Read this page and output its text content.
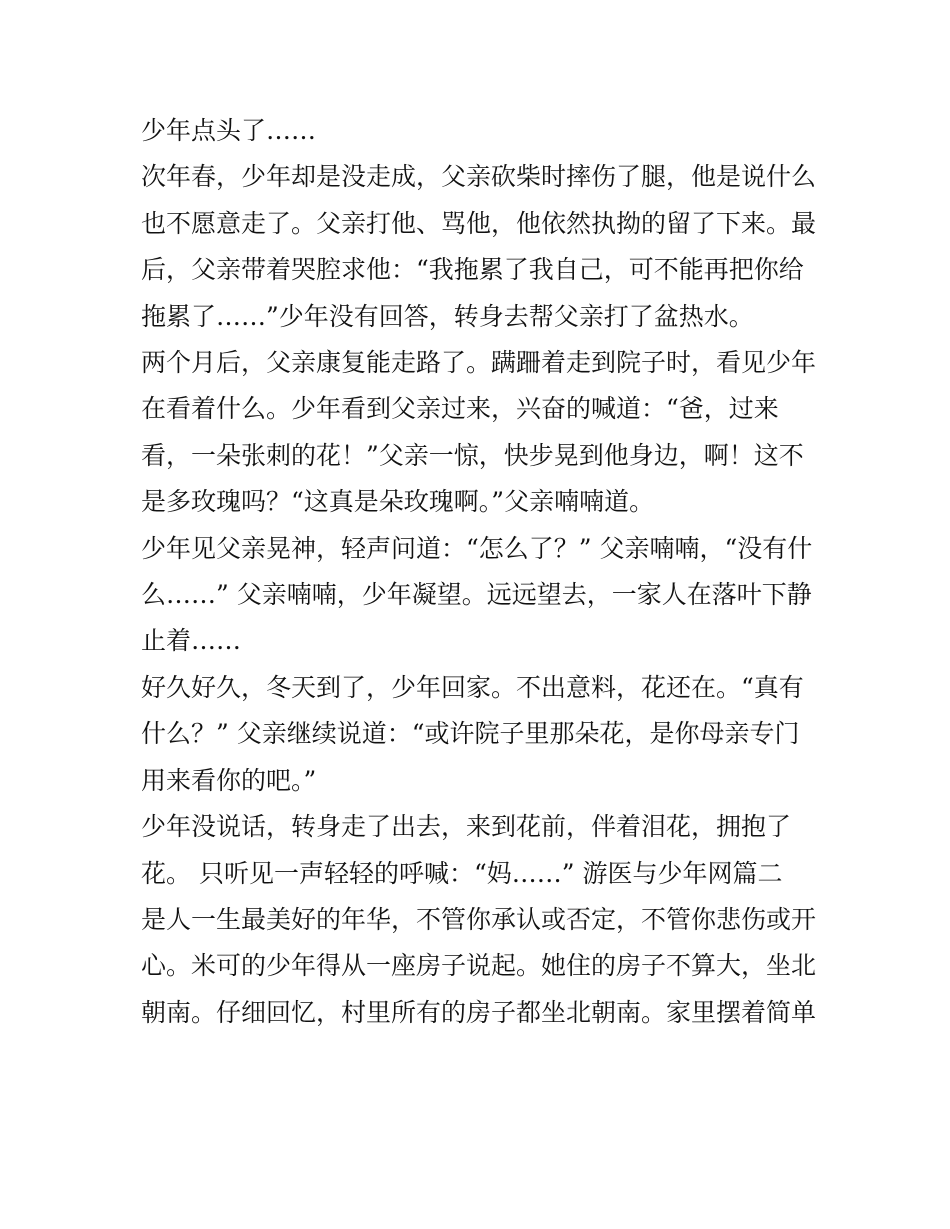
少年点头了……

次年春，少年却是没走成，父亲砍柴时摔伤了腿，他是说什么

也不愿意走了。父亲打他、骂他，他依然执拗的留了下来。最

后，父亲带着哭腔求他：“我拖累了我自己，可不能再把你给

拖累了……”少年没有回答，转身去帮父亲打了盆热水。

两个月后，父亲康复能走路了。蹒跚着走到院子时，看见少年

在看着什么。少年看到父亲过来，兴奋的喊道：“爸，过来

看，一朵张刺的花！”父亲一惊，快步晃到他身边，啊！这不

是多玫瑰吗？“这真是朵玫瑰啊。”父亲喃喃道。

少年见父亲晃神，轻声问道：“怎么了？” 父亲喃喃，“没有什

么……” 父亲喃喃，少年凝望。远远望去，一家人在落叶下静

止着……

好久好久，冬天到了，少年回家。不出意料，花还在。“真有

什么？” 父亲继续说道：“或许院子里那朵花，是你母亲专门

用来看你的吧。”

少年没说话，转身走了出去，来到花前，伴着泪花，拥抱了

花。 只听见一声轻轻的呼喊：“妈……” 游医与少年网篇二

是人一生最美好的年华，不管你承认或否定，不管你悲伤或开

心。米可的少年得从一座房子说起。她住的房子不算大，坐北

朝南。仔细回忆，村里所有的房子都坐北朝南。家里摆着简单
